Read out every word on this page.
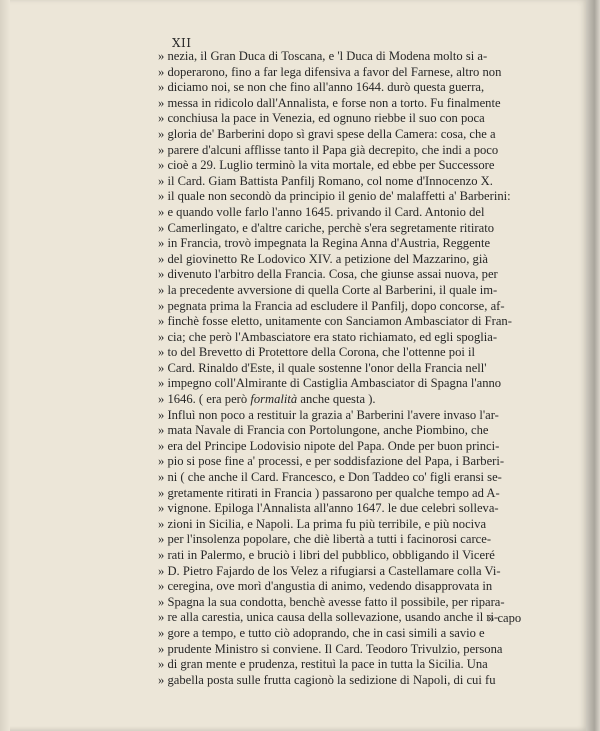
XII
» nezia, il Gran Duca di Toscana, e 'l Duca di Modena molto si a-
» doperarono, fino a far lega difensiva a favor del Farnese, altro non
» diciamo noi, se non che fino all'anno 1644. durò questa guerra,
» messa in ridicolo dall'Annalista, e forse non a torto. Fu finalmente
» conchiusa la pace in Venezia, ed ognuno riebbe il suo con poca
» gloria de' Barberini dopo sì gravi spese della Camera: cosa, che a
» parere d'alcuni afflisse tanto il Papa già decrepito, che indi a poco
» cioè a 29. Luglio terminò la vita mortale, ed ebbe per Successore
» il Card. Giam Battista Panfilj Romano, col nome d'Innocenzo X.
» il quale non secondò da principio il genio de' malaffetti a' Barberini:
» e quando volle farlo l'anno 1645. privando il Card. Antonio del
» Camerlingato, e d'altre cariche, perchè s'era segretamente ritirato
» in Francia, trovò impegnata la Regina Anna d'Austria, Reggente
» del giovinetto Re Lodovico XIV. a petizione del Mazzarino, già
» divenuto l'arbitro della Francia. Cosa, che giunse assai nuova, per
» la precedente avversione di quella Corte al Barberini, il quale im-
» pegnata prima la Francia ad escludere il Panfilj, dopo concorse, af-
» finchè fosse eletto, unitamente con Sanciamon Ambasciator di Fran-
» cia; che però l'Ambasciatore era stato richiamato, ed egli spoglia-
» to del Brevetto di Protettore della Corona, che l'ottenne poi il
» Card. Rinaldo d'Este, il quale sostenne l'onor della Francia nell'
» impegno coll'Almirante di Castiglia Ambasciator di Spagna l'anno
» 1646. ( era però formalità anche questa ).
» Influì non poco a restituir la grazia a' Barberini l'avere invaso l'ar-
» mata Navale di Francia con Portolungone, anche Piombino, che
» era del Principe Lodovisio nipote del Papa. Onde per buon princi-
» pio si pose fine a' processi, e per soddisfazione del Papa, i Barberi-
» ni ( che anche il Card. Francesco, e Don Taddeo co' figli eransi se-
» gretamente ritirati in Francia ) passarono per qualche tempo ad A-
» vignone. Epiloga l'Annalista all'anno 1647. le due celebri solleva-
» zioni in Sicilia, e Napoli. La prima fu più terribile, e più nociva
» per l'insolenza popolare, che diè libertà a tutti i facinorosi carce-
» rati in Palermo, e bruciò i libri del pubblico, obbligando il Viceré
» D. Pietro Fajardo de los Velez a rifugiarsi a Castellamare colla Vi-
» ceregina, ove morì d'angustia di animo, vedendo disapprovata in
» Spagna la sua condotta, benchè avesse fatto il possibile, per ripara-
» re alla carestia, unica causa della sollevazione, usando anche il ri-
» gore a tempo, e tutto ciò adoprando, che in casi simili a savio e
» prudente Ministro si conviene. Il Card. Teodoro Trivulzio, persona
» di gran mente e prudenza, restituì la pace in tutta la Sicilia. Una
» gabella posta sulle frutta cagionò la sedizione di Napoli, di cui fu
» capo
